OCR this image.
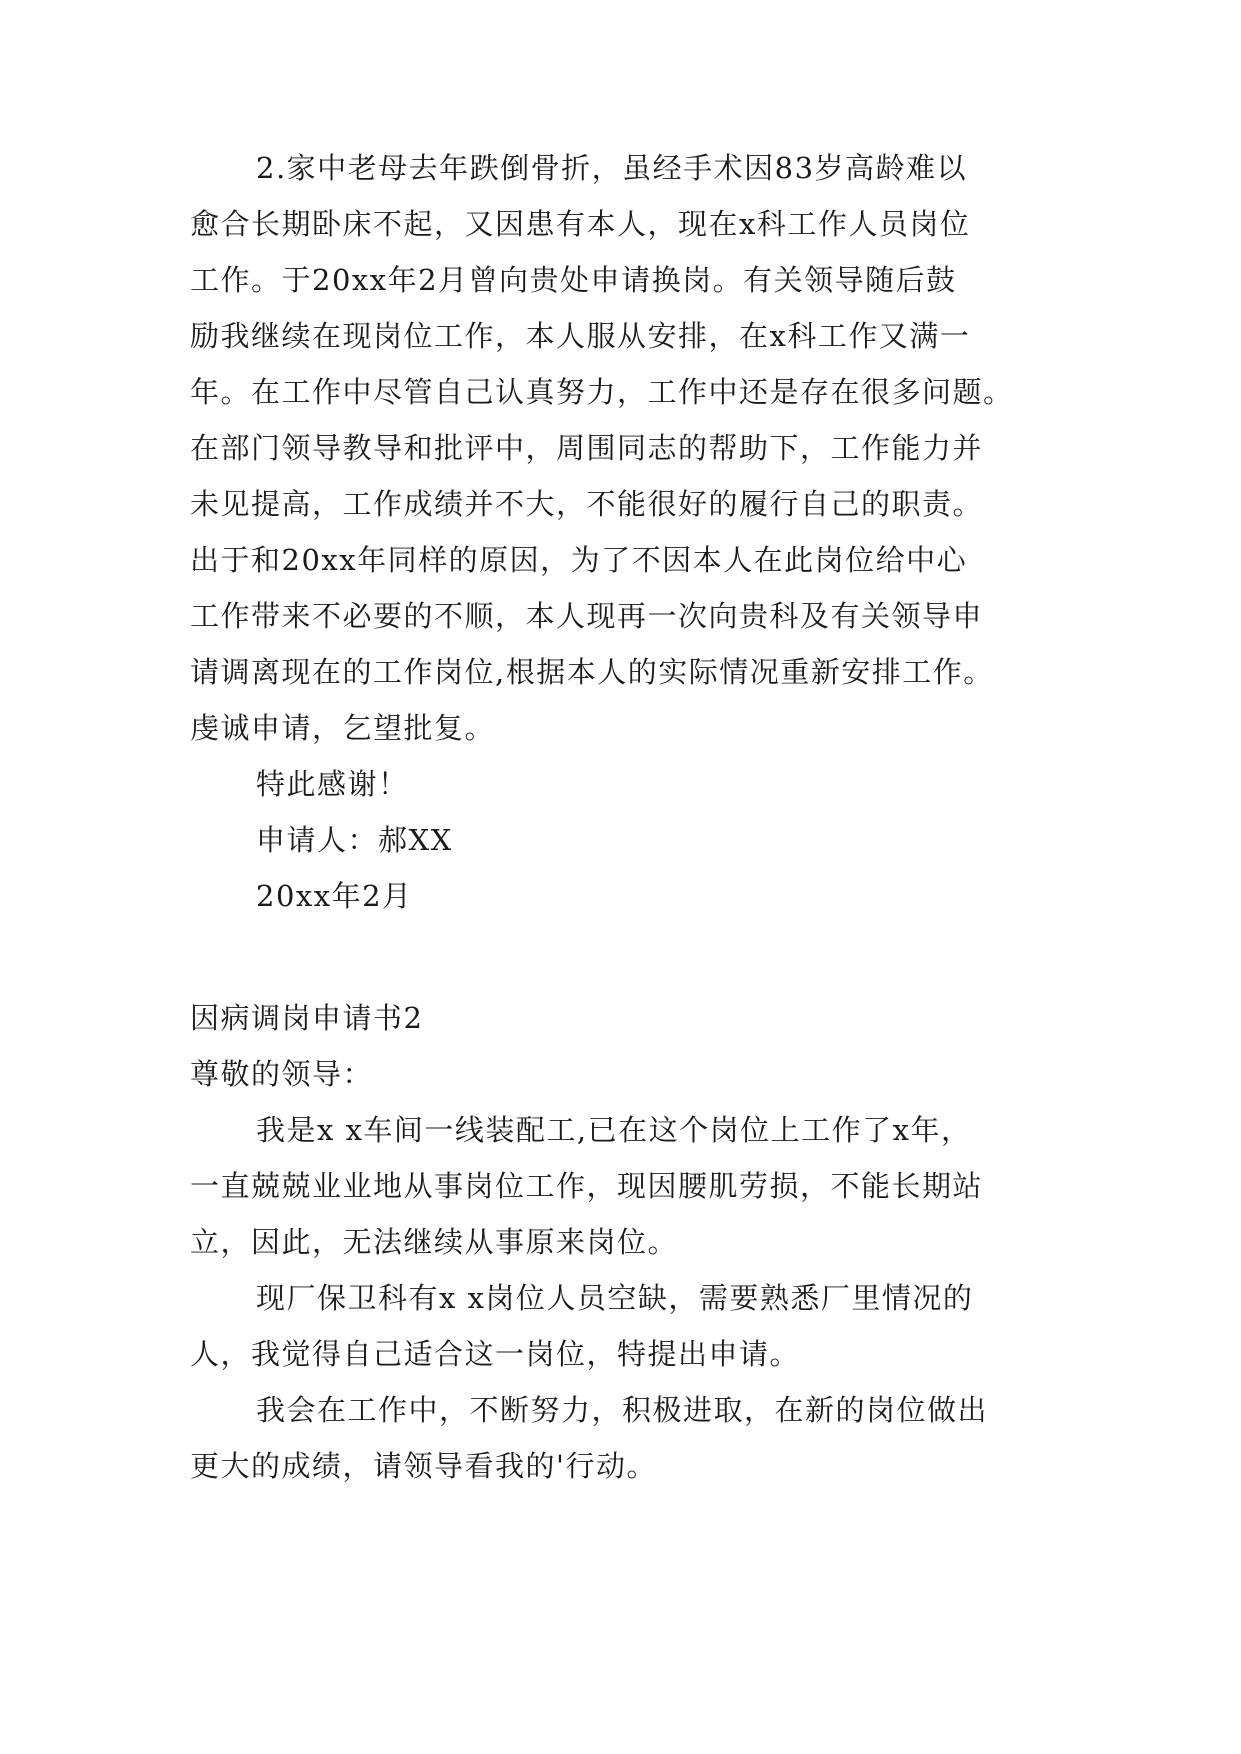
2.家中老母去年跌倒骨折，虽经手术因83岁高龄难以
愈合长期卧床不起，又因患有本人，现在x科工作人员岗位
工作。于20xx年2月曾向贵处申请换岗。有关领导随后鼓
励我继续在现岗位工作，本人服从安排，在x科工作又满一
年。在工作中尽管自己认真努力，工作中还是存在很多问题。
在部门领导教导和批评中，周围同志的帮助下，工作能力并
未见提高，工作成绩并不大，不能很好的履行自己的职责。
出于和20xx年同样的原因，为了不因本人在此岗位给中心
工作带来不必要的不顺，本人现再一次向贵科及有关领导申
请调离现在的工作岗位,根据本人的实际情况重新安排工作。
虔诚申请，乞望批复。
特此感谢！
申请人：郝XX
20xx年2月
因病调岗申请书2
尊敬的领导：
我是x x车间一线装配工,已在这个岗位上工作了x年，
一直兢兢业业地从事岗位工作，现因腰肌劳损，不能长期站
立，因此，无法继续从事原来岗位。
现厂保卫科有x x岗位人员空缺，需要熟悉厂里情况的
人，我觉得自己适合这一岗位，特提出申请。
我会在工作中，不断努力，积极进取，在新的岗位做出
更大的成绩，请领导看我的'行动。
